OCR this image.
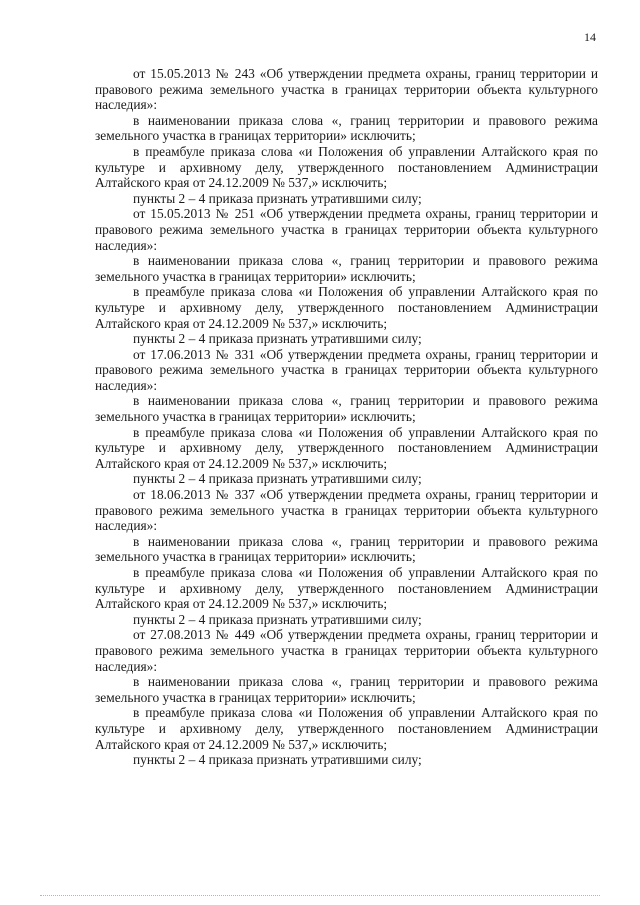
14

от 15.05.2013 № 243 «Об утверждении предмета охраны, границ территории и правового режима земельного участка в границах территории объекта культурного наследия»:

в наименовании приказа слова «, границ территории и правового режима земельного участка в границах территории» исключить;

в преамбуле приказа слова «и Положения об управлении Алтайского края по культуре и архивному делу, утвержденного постановлением Администрации Алтайского края от 24.12.2009 № 537,» исключить;

пункты 2 – 4 приказа признать утратившими силу;

от 15.05.2013 № 251 «Об утверждении предмета охраны, границ территории и правового режима земельного участка в границах территории объекта культурного наследия»:

в наименовании приказа слова «, границ территории и правового режима земельного участка в границах территории» исключить;

в преамбуле приказа слова «и Положения об управлении Алтайского края по культуре и архивному делу, утвержденного постановлением Администрации Алтайского края от 24.12.2009 № 537,» исключить;

пункты 2 – 4 приказа признать утратившими силу;

от 17.06.2013 № 331 «Об утверждении предмета охраны, границ территории и правового режима земельного участка в границах территории объекта культурного наследия»:

в наименовании приказа слова «, границ территории и правового режима земельного участка в границах территории» исключить;

в преамбуле приказа слова «и Положения об управлении Алтайского края по культуре и архивному делу, утвержденного постановлением Администрации Алтайского края от 24.12.2009 № 537,» исключить;

пункты 2 – 4 приказа признать утратившими силу;

от 18.06.2013 № 337 «Об утверждении предмета охраны, границ территории и правового режима земельного участка в границах территории объекта культурного наследия»:

в наименовании приказа слова «, границ территории и правового режима земельного участка в границах территории» исключить;

в преамбуле приказа слова «и Положения об управлении Алтайского края по культуре и архивному делу, утвержденного постановлением Администрации Алтайского края от 24.12.2009 № 537,» исключить;

пункты 2 – 4 приказа признать утратившими силу;

от 27.08.2013 № 449 «Об утверждении предмета охраны, границ территории и правового режима земельного участка в границах территории объекта культурного наследия»:

в наименовании приказа слова «, границ территории и правового режима земельного участка в границах территории» исключить;

в преамбуле приказа слова «и Положения об управлении Алтайского края по культуре и архивному делу, утвержденного постановлением Администрации Алтайского края от 24.12.2009 № 537,» исключить;

пункты 2 – 4 приказа признать утратившими силу;
